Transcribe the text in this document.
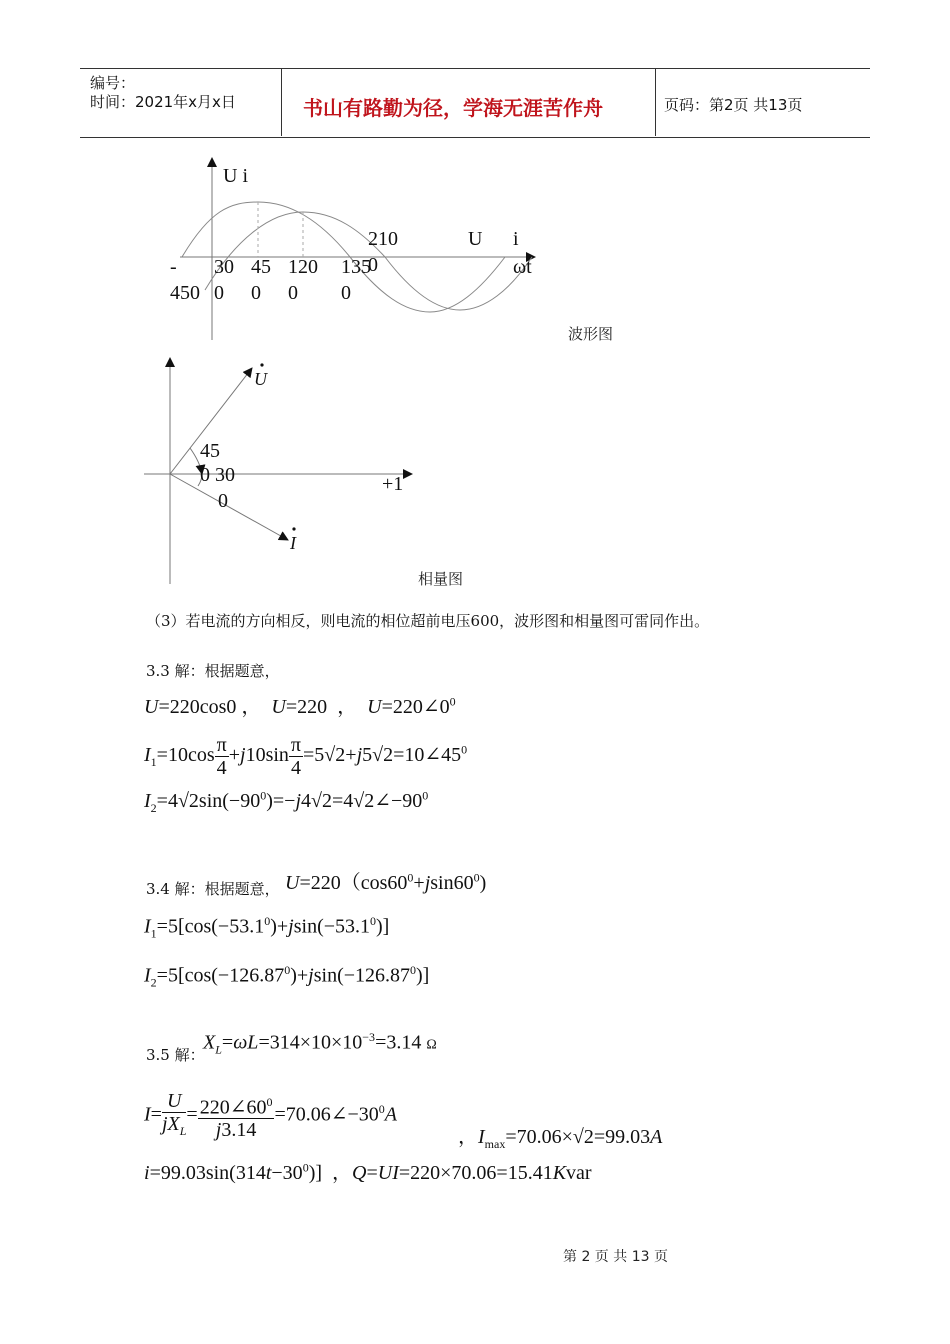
编号：
时间：2021年x月x日	书山有路勤为径，学海无涯苦作舟	页码：第2页 共13页
U i
210
0
U i
ωt
- 30 45 120 135
450 0 0 0 0
波形图
U
I
45
0 30
0
+1
相量图
（3）若电流的方向相反，则电流的相位超前电压600，波形图和相量图可雷同作出。
3.3 解：根据题意，
U=220cos0 ， U=220  ， $U=220\angle 0^0$
$I_1=10\cos \frac{\pi}{4} +j10\sin \frac{\pi}{4}$ $=5√2+j5√2=10\angle 45^0$
$I_2=4√2\sin(-90^0)=-j4√2=4√2\angle-90^0$
3.4 解：根据题意， $U=220(\cos 60^0+jsin60^0)$
$I_1=5[\cos(-53.1^0)+jsin(-53.1^0)]$
$I_2=5[\cos(-126.87^0)+jsin(-126.87^0)]$
3.5 解：
$X_L=\omega L=314\times 10\times 10^{-3}=3.14$ Ω
$I= \frac{U}{jX_L} = \frac{220\angle 60^0}{j3.14}$ $=70.06\angle-30^0A$
，$I_{max}=70.06\times√2=99.03A$
$i=99.03\sin(314t-30^0)$]  ，Q=UI=220×70.06=15.41Kvar
第 2 页 共 13 页
